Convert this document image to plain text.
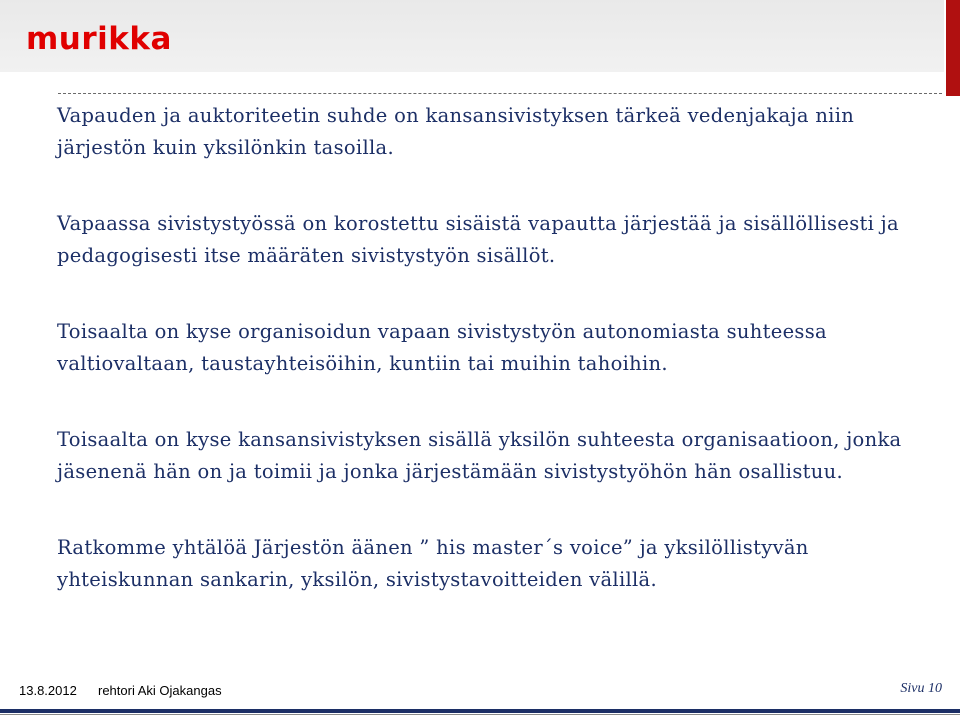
murikka

Vapauden ja auktoriteetin suhde on kansansivistyksen tärkeä vedenjakaja niin järjestön kuin yksilönkin tasoilla.

Vapaassa sivistystyössä on korostettu sisäistä vapautta järjestää ja sisällöllisesti ja pedagogisesti itse määräten sivistystyön sisällöt.

Toisaalta on kyse organisoidun vapaan sivistystyön autonomiasta suhteessa valtiovaltaan, taustayhteisöihin, kuntiin tai muihin tahoihin.

Toisaalta on kyse kansansivistyksen sisällä yksilön suhteesta organisaatioon, jonka jäsenenä hän on ja toimii ja jonka järjestämään sivistystyöhön hän osallistuu.

Ratkomme yhtälöä Järjestön äänen ” his master´s voice” ja yksilöllistyvän yhteiskunnan sankarin, yksilön, sivistystavoitteiden välillä.

13.8.2012 rehtori Aki Ojakangas	Sivu 10
